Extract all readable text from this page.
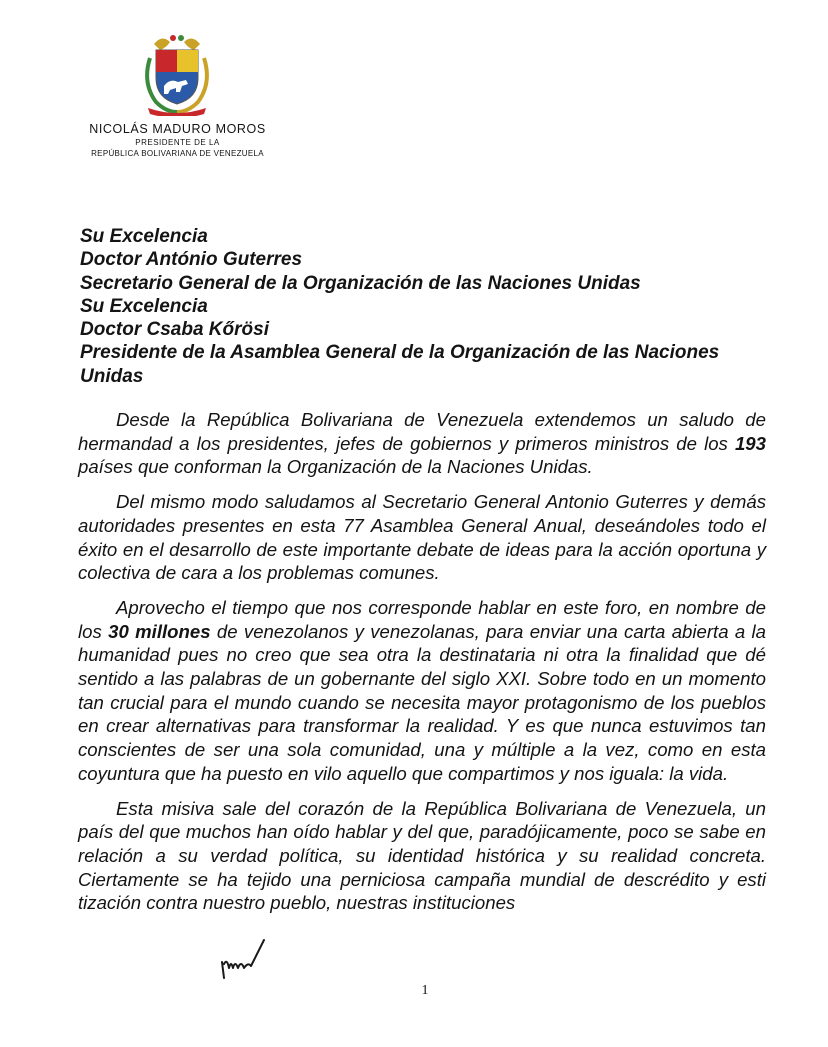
NICOLÁS MADURO MOROS
PRESIDENTE DE LA
REPÚBLICA BOLIVARIANA DE VENEZUELA

Su Excelencia

Doctor António Guterres

Secretario General de la Organización de las Naciones Unidas

Su Excelencia

Doctor Csaba Kőrösi

Presidente de la Asamblea General de la Organización de las Naciones Unidas

Desde la República Bolivariana de Venezuela extendemos un saludo de hermandad a los presidentes, jefes de gobiernos y primeros ministros de los 193 países que conforman la Organización de la Naciones Unidas.

Del mismo modo saludamos al Secretario General Antonio Guterres y demás autoridades presentes en esta 77 Asamblea General Anual, deseándoles todo el éxito en el desarrollo de este importante debate de ideas para la acción oportuna y colectiva de cara a los problemas comunes.

Aprovecho el tiempo que nos corresponde hablar en este foro, en nombre de los 30 millones de venezolanos y venezolanas, para enviar una carta abierta a la humanidad pues no creo que sea otra la destinataria ni otra la finalidad que dé sentido a las palabras de un gobernante del siglo XXI. Sobre todo en un momento tan crucial para el mundo cuando se necesita mayor protagonismo de los pueblos en crear alternativas para transformar la realidad. Y es que nunca estuvimos tan conscientes de ser una sola comunidad, una y múltiple a la vez, como en esta coyuntura que ha puesto en vilo aquello que compartimos y nos iguala: la vida.

Esta misiva sale del corazón de la República Bolivariana de Venezuela, un país del que muchos han oído hablar y del que, paradójicamente, poco se sabe en relación a su verdad política, su identidad histórica y su realidad concreta. Ciertamente se ha tejido una perniciosa campaña mundial de descrédito y esti tización contra nuestro pueblo, nuestras instituciones

1
